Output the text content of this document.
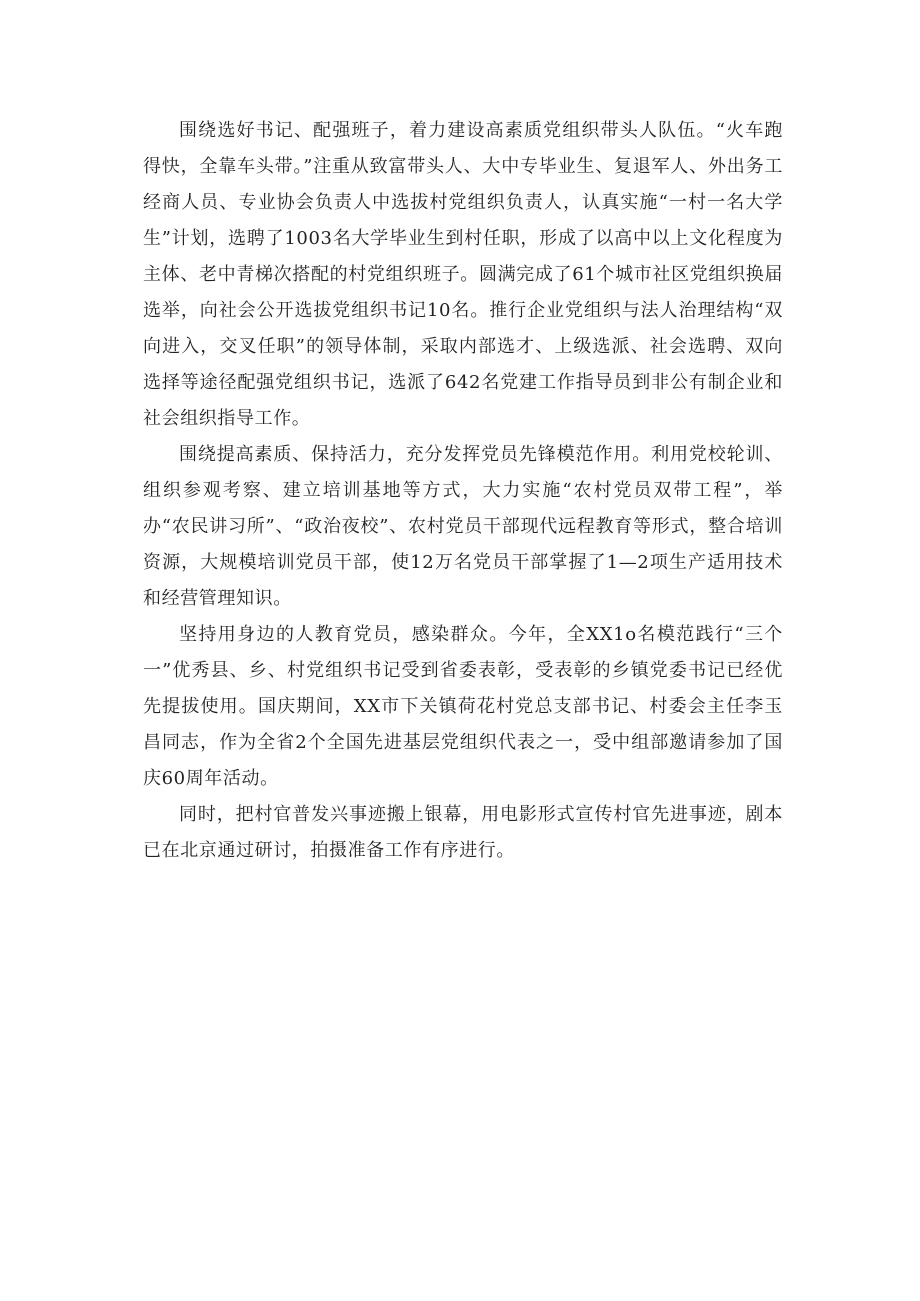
围绕选好书记、配强班子，着力建设高素质党组织带头人队伍。“火车跑得快，全靠车头带。”注重从致富带头人、大中专毕业生、复退军人、外出务工经商人员、专业协会负责人中选拔村党组织负责人，认真实施“一村一名大学生”计划，选聘了1003名大学毕业生到村任职，形成了以高中以上文化程度为主体、老中青梯次搭配的村党组织班子。圆满完成了61个城市社区党组织换届选举，向社会公开选拔党组织书记10名。推行企业党组织与法人治理结构“双向进入，交叉任职”的领导体制，采取内部选才、上级选派、社会选聘、双向选择等途径配强党组织书记，选派了642名党建工作指导员到非公有制企业和社会组织指导工作。

围绕提高素质、保持活力，充分发挥党员先锋模范作用。利用党校轮训、组织参观考察、建立培训基地等方式，大力实施“农村党员双带工程”，举办“农民讲习所”、“政治夜校”、农村党员干部现代远程教育等形式，整合培训资源，大规模培训党员干部，使12万名党员干部掌握了1—2项生产适用技术和经营管理知识。

坚持用身边的人教育党员，感染群众。今年，全XX1o名模范践行“三个一”优秀县、乡、村党组织书记受到省委表彰，受表彰的乡镇党委书记已经优先提拔使用。国庆期间，XX市下关镇荷花村党总支部书记、村委会主任李玉昌同志，作为全省2个全国先进基层党组织代表之一，受中组部邀请参加了国庆60周年活动。

同时，把村官普发兴事迹搬上银幕，用电影形式宣传村官先进事迹，剧本已在北京通过研讨，拍摄准备工作有序进行。
